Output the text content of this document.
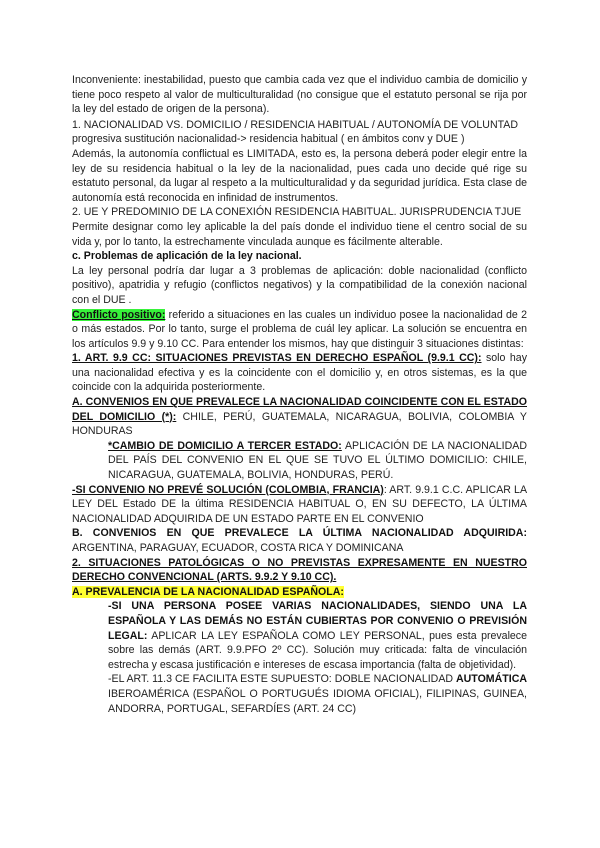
Inconveniente: inestabilidad, puesto que cambia cada vez que el individuo cambia de domicilio y tiene poco respeto al valor de multiculturalidad (no consigue que el estatuto personal se rija por la ley del estado de origen de la persona).

1. NACIONALIDAD VS. DOMICILIO / RESIDENCIA HABITUAL / AUTONOMÍA DE VOLUNTAD

progresiva sustitución nacionalidad-> residencia habitual ( en ámbitos conv y DUE )

Además, la autonomía conflictual es LIMITADA, esto es, la persona deberá poder elegir entre la ley de su residencia habitual o la ley de la nacionalidad, pues cada uno decide qué rige su estatuto personal, da lugar al respeto a la multiculturalidad y da seguridad jurídica. Esta clase de autonomía está reconocida en infinidad de instrumentos.

2. UE Y PREDOMINIO DE LA CONEXIÓN RESIDENCIA HABITUAL. JURISPRUDENCIA TJUE

Permite designar como ley aplicable la del país donde el individuo tiene el centro social de su vida y, por lo tanto, la estrechamente vinculada aunque es fácilmente alterable.

c. Problemas de aplicación de la ley nacional.

La ley personal podría dar lugar a 3 problemas de aplicación: doble nacionalidad (conflicto positivo), apatridia y refugio (conflictos negativos) y la compatibilidad de la conexión nacional con el DUE .

Conflicto positivo: referido a situaciones en las cuales un individuo posee la nacionalidad de 2 o más estados. Por lo tanto, surge el problema de cuál ley aplicar. La solución se encuentra en los artículos 9.9 y 9.10 CC. Para entender los mismos, hay que distinguir 3 situaciones distintas:

1. ART. 9.9 CC: SITUACIONES PREVISTAS EN DERECHO ESPAÑOL (9.9.1 CC): solo hay una nacionalidad efectiva y es la coincidente con el domicilio y, en otros sistemas, es la que coincide con la adquirida posteriormente.

A. CONVENIOS EN QUE PREVALECE LA NACIONALIDAD COINCIDENTE CON EL ESTADO DEL DOMICILIO (*): CHILE, PERÚ, GUATEMALA, NICARAGUA, BOLIVIA, COLOMBIA Y HONDURAS

*CAMBIO DE DOMICILIO A TERCER ESTADO: APLICACIÓN DE LA NACIONALIDAD DEL PAÍS DEL CONVENIO EN EL QUE SE TUVO EL ÚLTIMO DOMICILIO: CHILE, NICARAGUA, GUATEMALA, BOLIVIA, HONDURAS, PERÚ.

-SI CONVENIO NO PREVÉ SOLUCIÓN (COLOMBIA, FRANCIA): ART. 9.9.1 C.C. APLICAR LA LEY DEL Estado DE la última RESIDENCIA HABITUAL O, EN SU DEFECTO, LA ÚLTIMA NACIONALIDAD ADQUIRIDA DE UN ESTADO PARTE EN EL CONVENIO

B. CONVENIOS EN QUE PREVALECE LA ÚLTIMA NACIONALIDAD ADQUIRIDA: ARGENTINA, PARAGUAY, ECUADOR, COSTA RICA Y DOMINICANA

2. SITUACIONES PATOLÓGICAS O NO PREVISTAS EXPRESAMENTE EN NUESTRO DERECHO CONVENCIONAL (ARTS. 9.9.2 Y 9.10 CC).

A. PREVALENCIA DE LA NACIONALIDAD ESPAÑOLA:

-SI UNA PERSONA POSEE VARIAS NACIONALIDADES, SIENDO UNA LA ESPAÑOLA Y LAS DEMÁS NO ESTÁN CUBIERTAS POR CONVENIO O PREVISIÓN LEGAL: APLICAR LA LEY ESPAÑOLA COMO LEY PERSONAL, pues esta prevalece sobre las demás (ART. 9.9.PFO 2º CC). Solución muy criticada: falta de vinculación estrecha y escasa justificación e intereses de escasa importancia (falta de objetividad).

-EL ART. 11.3 CE FACILITA ESTE SUPUESTO: DOBLE NACIONALIDAD AUTOMÁTICA IBEROAMÉRICA (ESPAÑOL O PORTUGUÉS IDIOMA OFICIAL), FILIPINAS, GUINEA, ANDORRA, PORTUGAL, SEFARDÍES (ART. 24 CC)
